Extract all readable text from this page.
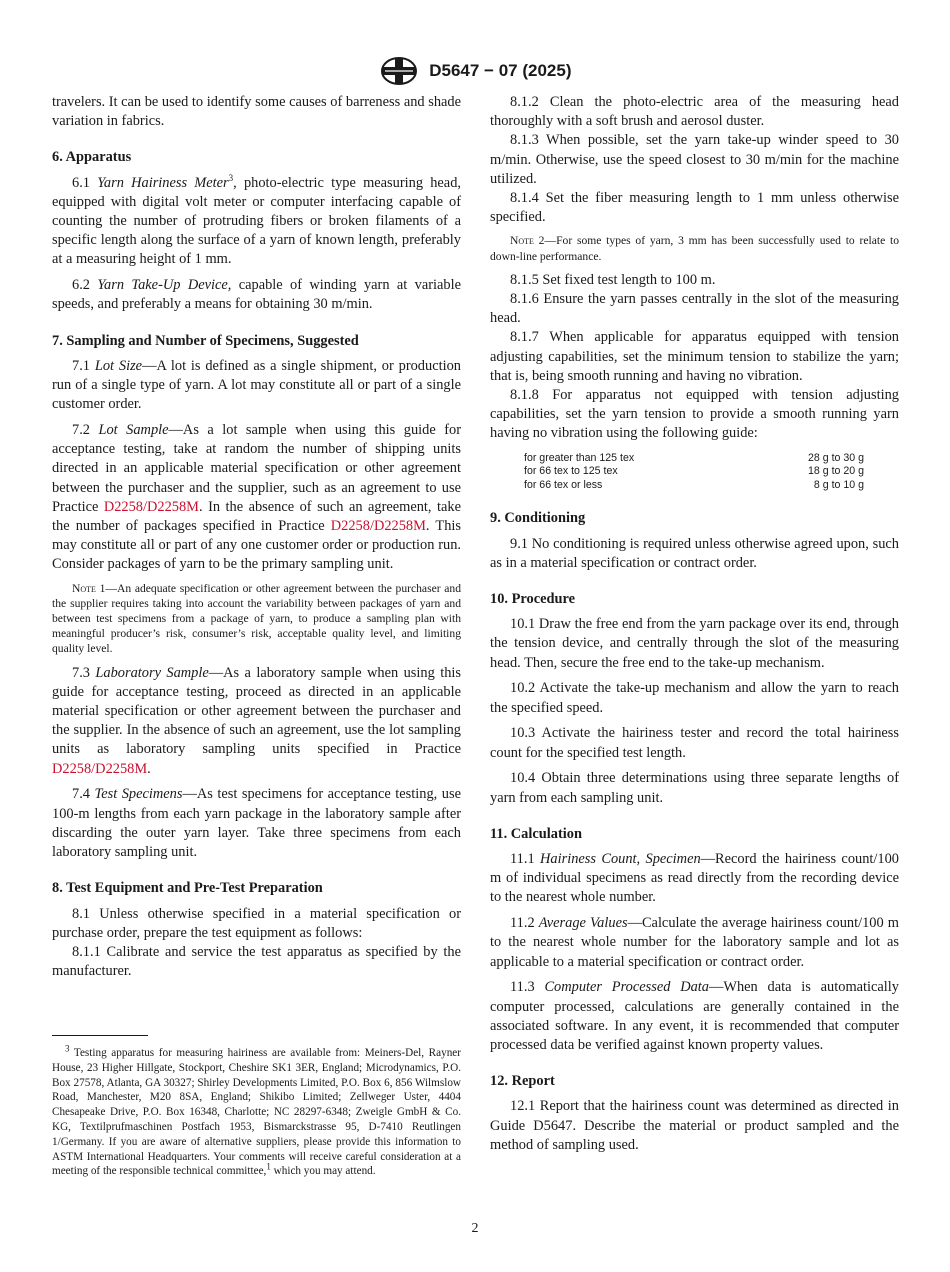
D5647 − 07 (2025)

travelers. It can be used to identify some causes of barreness and shade variation in fabrics.

6. Apparatus

6.1 Yarn Hairiness Meter$^3$, photo-electric type measuring head, equipped with digital volt meter or computer interfacing capable of counting the number of protruding fibers or broken filaments of a specific length along the surface of a yarn of known length, preferably at a measuring height of 1 mm.

6.2 Yarn Take-Up Device, capable of winding yarn at variable speeds, and preferably a means for obtaining 30 m/min.

7. Sampling and Number of Specimens, Suggested

7.1 Lot Size—A lot is defined as a single shipment, or production run of a single type of yarn. A lot may constitute all or part of a single customer order.

7.2 Lot Sample—As a lot sample when using this guide for acceptance testing, take at random the number of shipping units directed in an applicable material specification or other agreement between the purchaser and the supplier, such as an agreement to use Practice D2258/D2258M. In the absence of such an agreement, take the number of packages specified in Practice D2258/D2258M. This may constitute all or part of any one customer order or production run. Consider packages of yarn to be the primary sampling unit.

Note 1—An adequate specification or other agreement between the purchaser and the supplier requires taking into account the variability between packages of yarn and between test specimens from a package of yarn, to produce a sampling plan with meaningful producer’s risk, consumer’s risk, acceptable quality level, and limiting quality level.

7.3 Laboratory Sample—As a laboratory sample when using this guide for acceptance testing, proceed as directed in an applicable material specification or other agreement between the purchaser and the supplier. In the absence of such an agreement, use the lot sampling units as laboratory sampling units specified in Practice D2258/D2258M.

7.4 Test Specimens—As test specimens for acceptance testing, use 100-m lengths from each yarn package in the laboratory sample after discarding the outer yarn layer. Take three specimens from each laboratory sampling unit.

8. Test Equipment and Pre-Test Preparation

8.1 Unless otherwise specified in a material specification or purchase order, prepare the test equipment as follows:

8.1.1 Calibrate and service the test apparatus as specified by the manufacturer.

$^3$ Testing apparatus for measuring hairiness are available from: Meiners-Del, Rayner House, 23 Higher Hillgate, Stockport, Cheshire SK1 3ER, England; Microdynamics, P.O. Box 27578, Atlanta, GA 30327; Shirley Developments Limited, P.O. Box 6, 856 Wilmslow Road, Manchester, M20 8SA, England; Shikibo Limited; Zellweger Uster, 4404 Chesapeake Drive, P.O. Box 16348, Charlotte; NC 28297-6348; Zweigle GmbH & Co. KG, Textilprufmaschinen Postfach 1953, Bismarckstrasse 95, D-7410 Reutlingen 1/Germany. If you are aware of alternative suppliers, please provide this information to ASTM International Headquarters. Your comments will receive careful consideration at a meeting of the responsible technical committee,$^1$ which you may attend.

8.1.2 Clean the photo-electric area of the measuring head thoroughly with a soft brush and aerosol duster.

8.1.3 When possible, set the yarn take-up winder speed to 30 m/min. Otherwise, use the speed closest to 30 m/min for the machine utilized.

8.1.4 Set the fiber measuring length to 1 mm unless otherwise specified.

Note 2—For some types of yarn, 3 mm has been successfully used to relate to down-line performance.

8.1.5 Set fixed test length to 100 m.

8.1.6 Ensure the yarn passes centrally in the slot of the measuring head.

8.1.7 When applicable for apparatus equipped with tension adjusting capabilities, set the minimum tension to stabilize the yarn; that is, being smooth running and having no vibration.

8.1.8 For apparatus not equipped with tension adjusting capabilities, set the yarn tension to provide a smooth running yarn having no vibration using the following guide:

for greater than 125 tex	28 g to 30 g
for 66 tex to 125 tex	18 g to 20 g
for 66 tex or less	8 g to 10 g
9. Conditioning

9.1 No conditioning is required unless otherwise agreed upon, such as in a material specification or contract order.

10. Procedure

10.1 Draw the free end from the yarn package over its end, through the tension device, and centrally through the slot of the measuring head. Then, secure the free end to the take-up mechanism.

10.2 Activate the take-up mechanism and allow the yarn to reach the specified speed.

10.3 Activate the hairiness tester and record the total hairiness count for the specified test length.

10.4 Obtain three determinations using three separate lengths of yarn from each sampling unit.

11. Calculation

11.1 Hairiness Count, Specimen—Record the hairiness count/100 m of individual specimens as read directly from the recording device to the nearest whole number.

11.2 Average Values—Calculate the average hairiness count/100 m to the nearest whole number for the laboratory sample and lot as applicable to a material specification or contract order.

11.3 Computer Processed Data—When data is automatically computer processed, calculations are generally contained in the associated software. In any event, it is recommended that computer processed data be verified against known property values.

12. Report

12.1 Report that the hairiness count was determined as directed in Guide D5647. Describe the material or product sampled and the method of sampling used.

2
